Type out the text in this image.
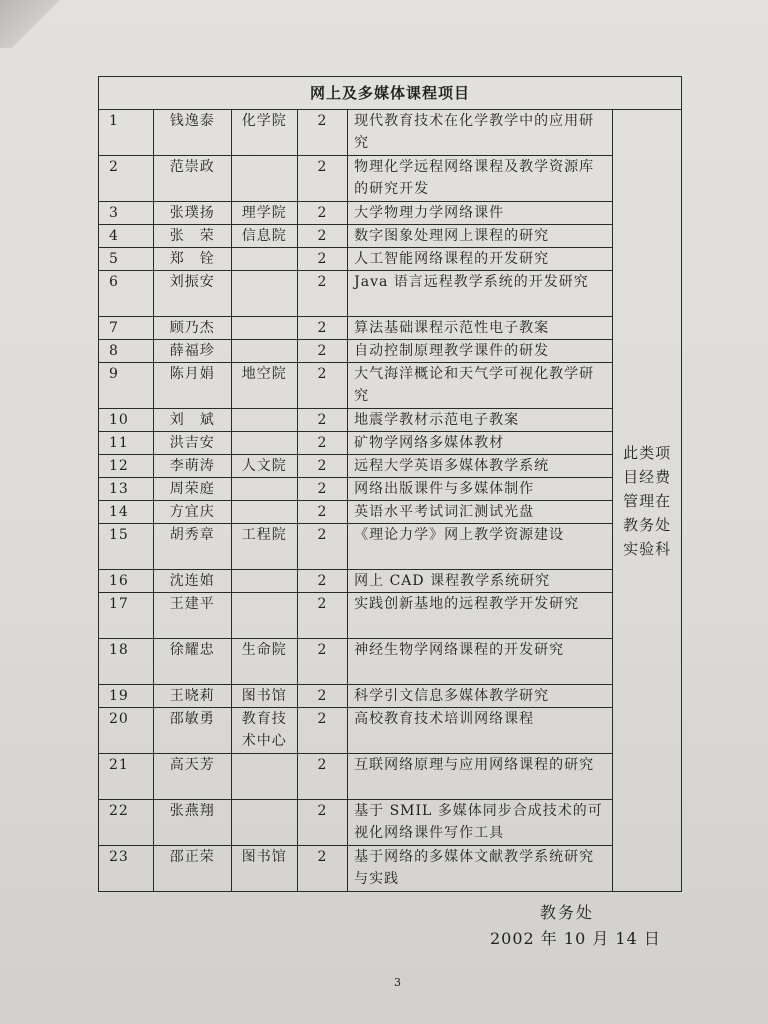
网上及多媒体课程项目					
1	钱逸泰	化学院	2	现代教育技术在化学教学中的应用研究	此类项目经费管理在教务处实验科
2	范崇政		2	物理化学远程网络课程及教学资源库的研究开发	
3	张璞扬	理学院	2	大学物理力学网络课件	
4	张　荣	信息院	2	数字图象处理网上课程的研究	
5	郑　铨		2	人工智能网络课程的开发研究	
6	刘振安		2	Java 语言远程教学系统的开发研究	
7	顾乃杰		2	算法基础课程示范性电子教案	
8	薛福珍		2	自动控制原理教学课件的研发	
9	陈月娟	地空院	2	大气海洋概论和天气学可视化教学研究	
10	刘　斌		2	地震学教材示范电子教案	
11	洪吉安		2	矿物学网络多媒体教材	
12	李萌涛	人文院	2	远程大学英语多媒体教学系统	
13	周荣庭		2	网络出版课件与多媒体制作	
14	方宜庆		2	英语水平考试词汇测试光盘	
15	胡秀章	工程院	2	《理论力学》网上教学资源建设	
16	沈连婠		2	网上 CAD 课程教学系统研究	
17	王建平		2	实践创新基地的远程教学开发研究	
18	徐耀忠	生命院	2	神经生物学网络课程的开发研究	
19	王晓莉	图书馆	2	科学引文信息多媒体教学研究	
20	邵敏勇	教育技术中心	2	高校教育技术培训网络课程	
21	高天芳		2	互联网络原理与应用网络课程的研究	
22	张燕翔		2	基于 SMIL 多媒体同步合成技术的可视化网络课件写作工具	
23	邵正荣	图书馆	2	基于网络的多媒体文献教学系统研究与实践	
教务处
2002 年 10 月 14 日
3
